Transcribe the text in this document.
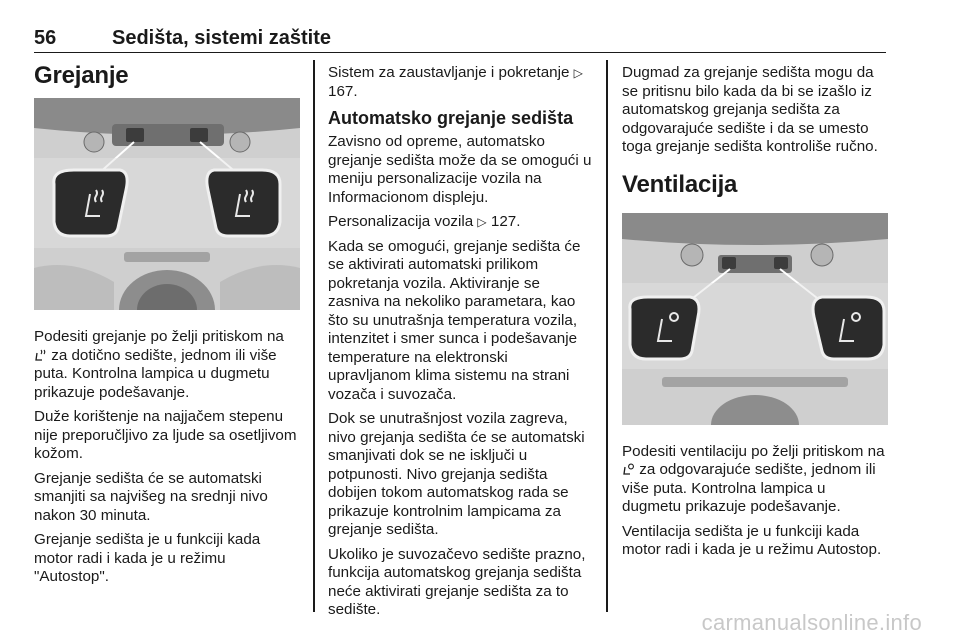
56	Sedišta, sistemi zaštite
Grejanje

Podesiti grejanje po želji pritiskom na  za dotično sedište, jednom ili više puta. Kontrolna lampica u dugmetu prikazuje podešavanje.

Duže korištenje na najjačem stepenu nije preporučljivo za ljude sa osetljivom kožom.

Grejanje sedišta će se automatski smanjiti sa najvišeg na srednji nivo nakon 30 minuta.

Grejanje sedišta je u funkciji kada motor radi i kada je u režimu "Autostop".

Sistem za zaustavljanje i pokretanje ▷ 167.

Automatsko grejanje sedišta

Zavisno od opreme, automatsko grejanje sedišta može da se omogući u meniju personalizacije vozila na Informacionom displeju.

Personalizacija vozila ▷ 127.

Kada se omogući, grejanje sedišta će se aktivirati automatski prilikom pokretanja vozila. Aktiviranje se zasniva na nekoliko parametara, kao što su unutrašnja temperatura vozila, intenzitet i smer sunca i podešavanje temperature na elektronski upravljanom klima sistemu na strani vozača i suvozača.

Dok se unutrašnjost vozila zagreva, nivo grejanja sedišta će se automatski smanjivati dok se ne isključi u potpunosti. Nivo grejanja sedišta dobijen tokom automatskog rada se prikazuje kontrolnim lampicama za grejanje sedišta.

Ukoliko je suvozačevo sedište prazno, funkcija automatskog grejanja sedišta neće aktivirati grejanje sedišta za to sedište.

Dugmad za grejanje sedišta mogu da se pritisnu bilo kada da bi se izašlo iz automatskog grejanja sedišta za odgovarajuće sedište i da se umesto toga grejanje sedišta kontroliše ručno.

Ventilacija

Podesiti ventilaciju po želji pritiskom na  za odgovarajuće sedište, jednom ili više puta. Kontrolna lampica u dugmetu prikazuje podešavanje.

Ventilacija sedišta je u funkciji kada motor radi i kada je u režimu Autostop.

carmanualsonline.info
